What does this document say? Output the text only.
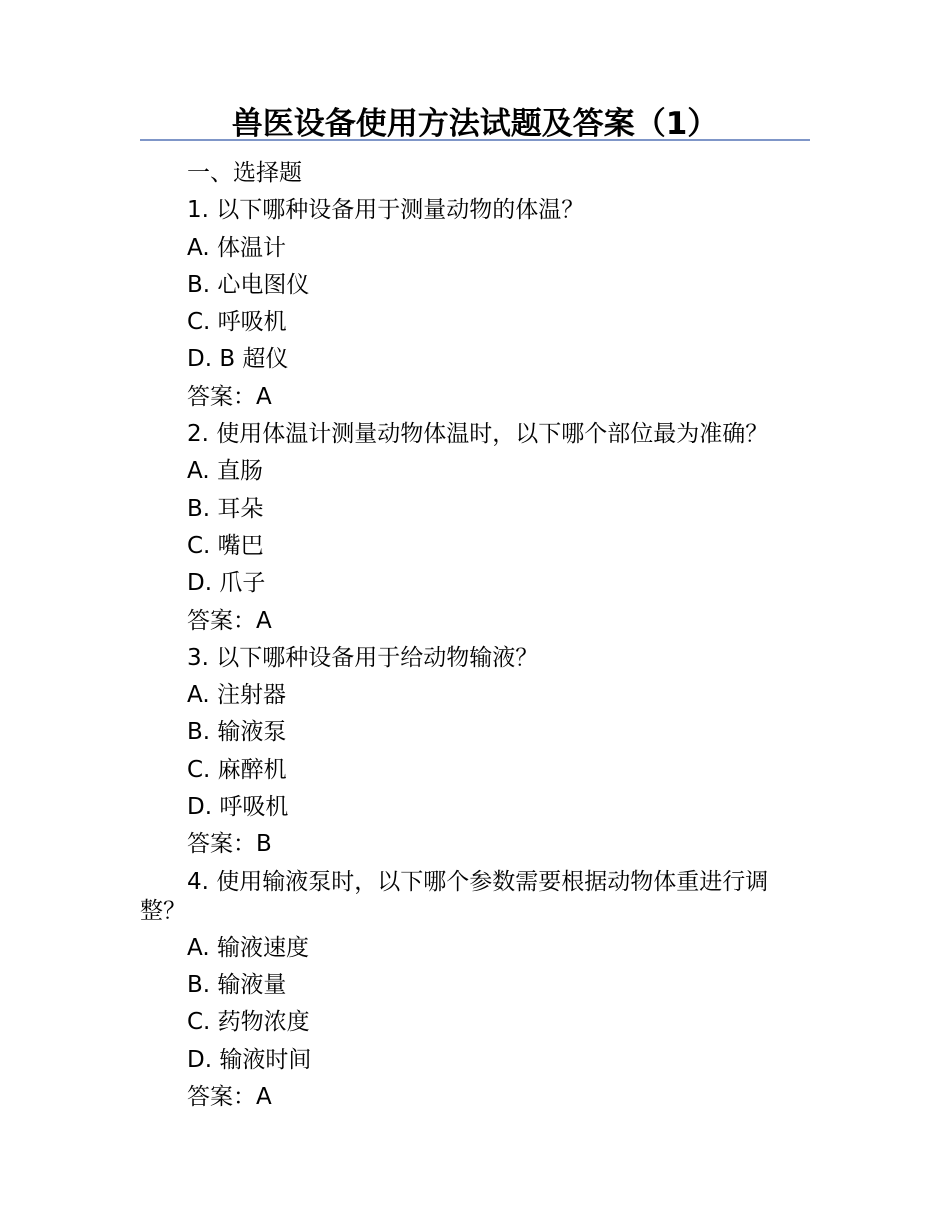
兽医设备使用方法试题及答案（1）
一、选择题
1. 以下哪种设备用于测量动物的体温？
A. 体温计
B. 心电图仪
C. 呼吸机
D. B 超仪
答案：A
2. 使用体温计测量动物体温时，以下哪个部位最为准确？
A. 直肠
B. 耳朵
C. 嘴巴
D. 爪子
答案：A
3. 以下哪种设备用于给动物输液？
A. 注射器
B. 输液泵
C. 麻醉机
D. 呼吸机
答案：B
4. 使用输液泵时，以下哪个参数需要根据动物体重进行调整？
A. 输液速度
B. 输液量
C. 药物浓度
D. 输液时间
答案：A
